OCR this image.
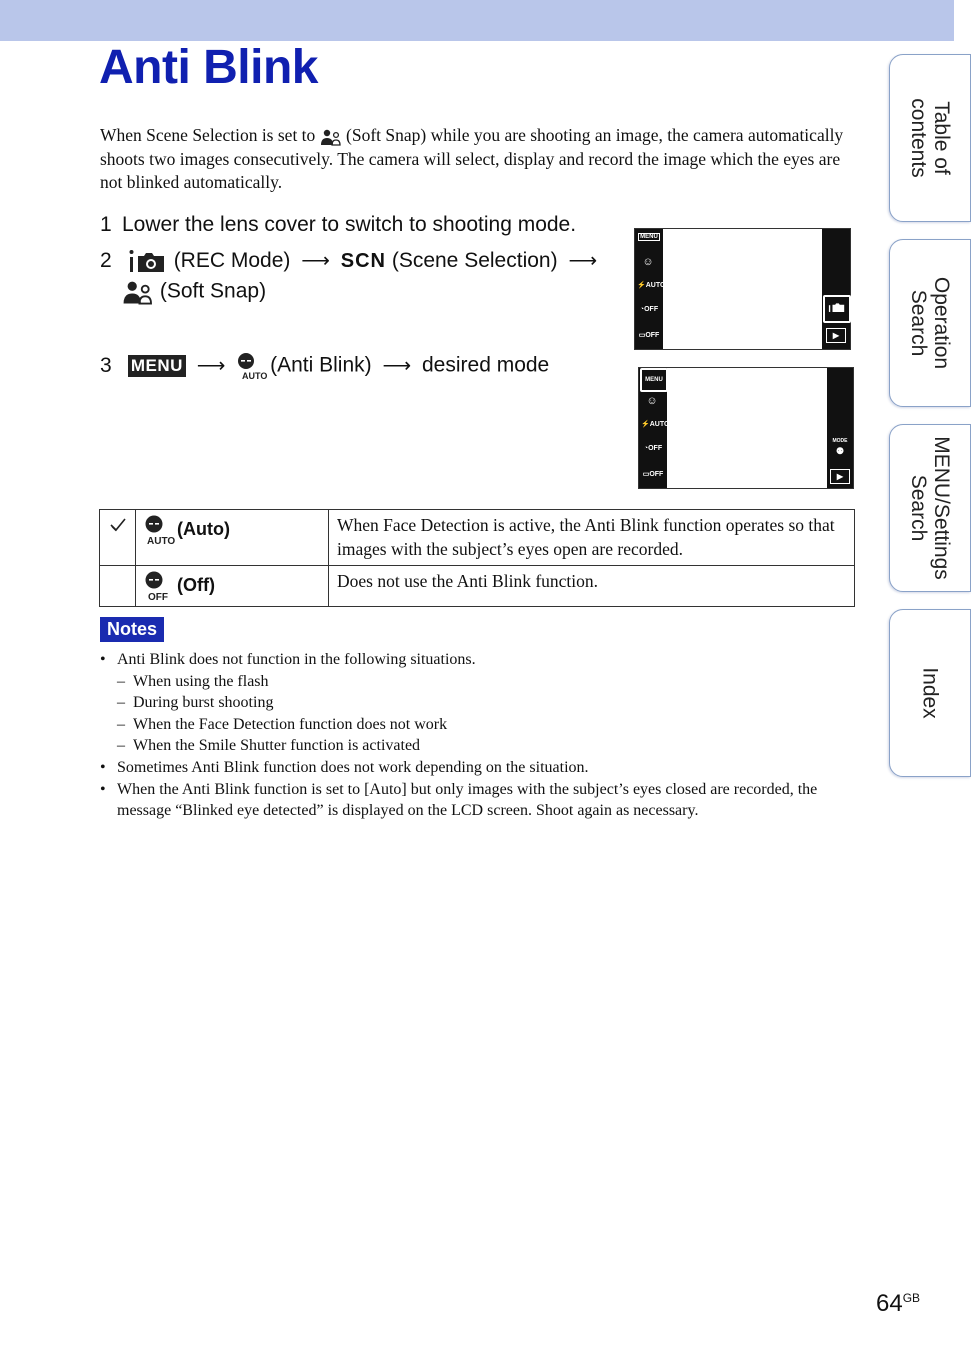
Anti Blink
When Scene Selection is set to (Soft Snap) while you are shooting an image, the camera automatically shoots two images consecutively. The camera will select, display and record the image which the eyes are not blinked automatically.
1 Lower the lens cover to switch to shooting mode.
2	(REC Mode) ⟶ SCN (Scene Selection) ⟶
(Soft Snap)
3 MENU ⟶ AUTO (Anti Blink) ⟶ desired mode
MENU
☺
⚡AUTO
◔OFF
▭OFF	▶
MENU
☺
⚡AUTO
◔OFF
▭OFF
MODE
⚉
▶

AUTO
(Auto)	When Face Detection is active, the Anti Blink function operates so that images with the subject’s eyes open are recorded.

OFF
(Off)	Does not use the Anti Blink function.
Notes
• Anti Blink does not function in the following situations.
– When using the flash
– During burst shooting
– When the Face Detection function does not work
– When the Smile Shutter function is activated
• Sometimes Anti Blink function does not work depending on the situation.
• When the Anti Blink function is set to [Auto] but only images with the subject’s eyes closed are recorded, the message “Blinked eye detected” is displayed on the LCD screen. Shoot again as necessary.
Table of
contents
Operation
Search
MENU/Settings
Search
Index
$64^{GB}$
